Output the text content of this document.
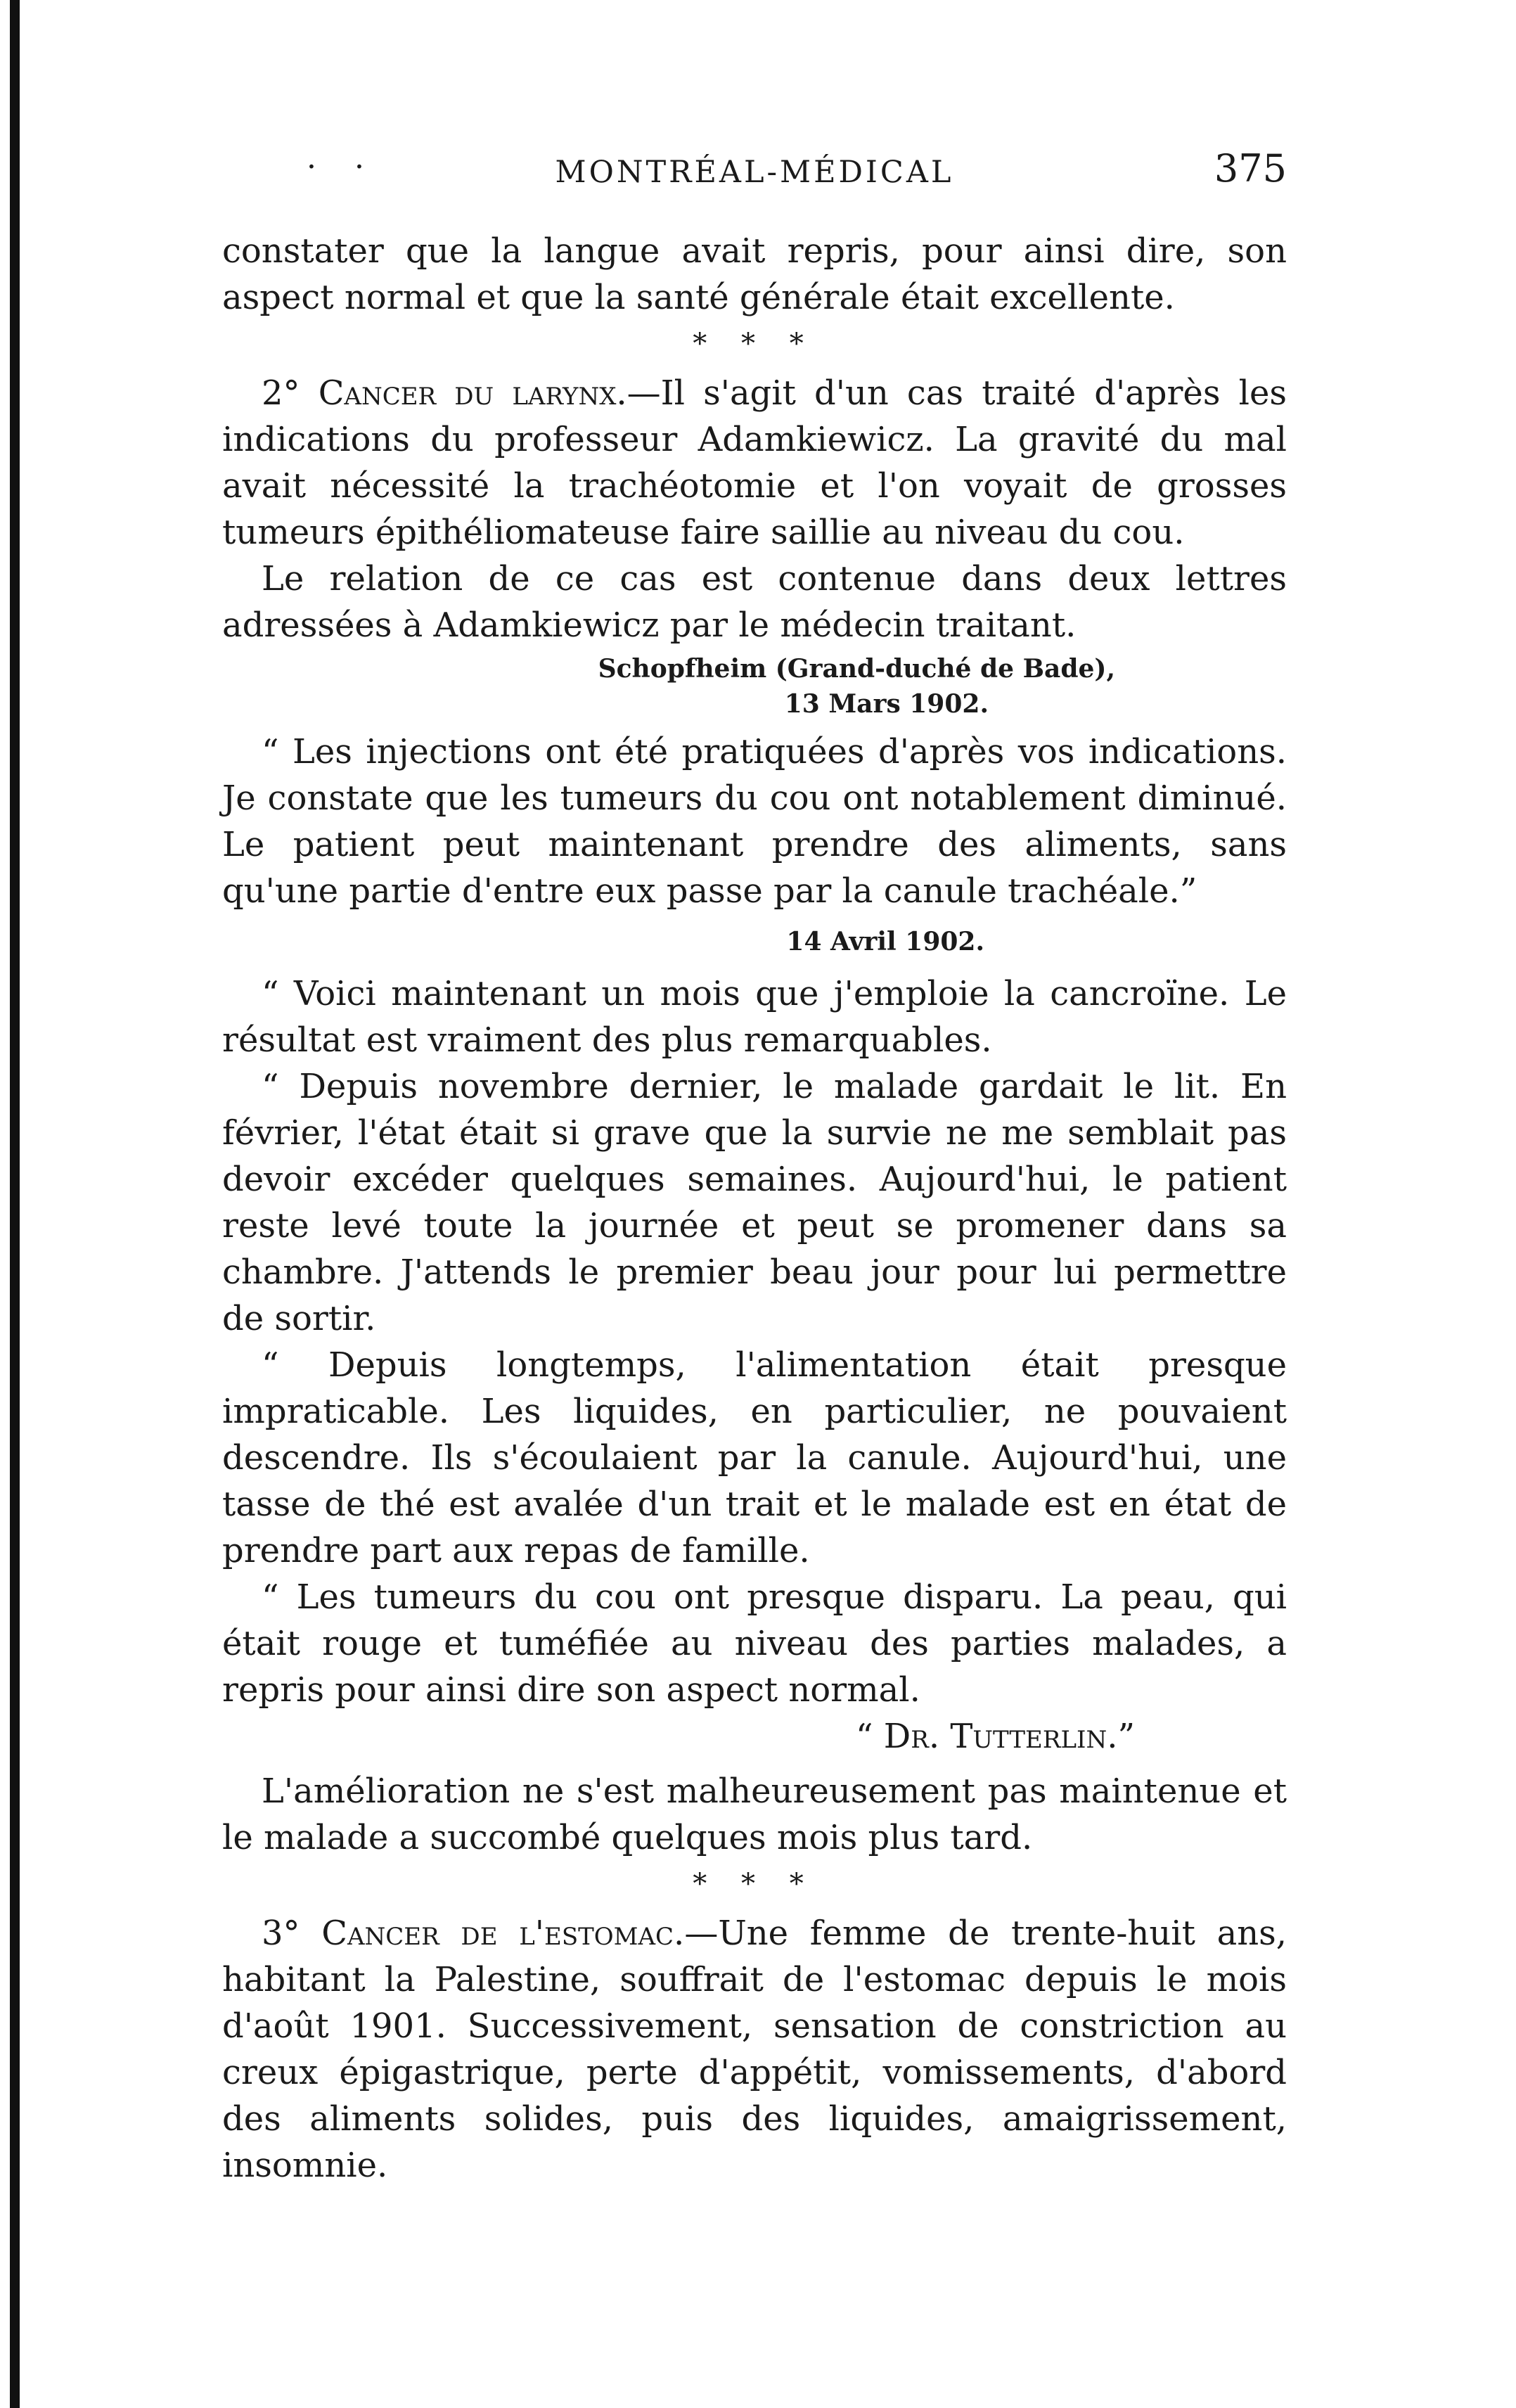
· ·	MONTRÉAL-MÉDICAL	375

constater que la langue avait repris, pour ainsi dire, son aspect normal et que la santé générale était excellente.

* * *

2° Cancer du larynx.—Il s'agit d'un cas traité d'après les indications du professeur Adamkiewicz. La gravité du mal avait nécessité la trachéotomie et l'on voyait de grosses tumeurs épithéliomateuse faire saillie au niveau du cou.

Le relation de ce cas est contenue dans deux lettres adressées à Adamkiewicz par le médecin traitant.

Schopfheim (Grand-duché de Bade),
13 Mars 1902.

“ Les injections ont été pratiquées d'après vos indications. Je constate que les tumeurs du cou ont notablement diminué. Le patient peut maintenant prendre des aliments, sans qu'une partie d'entre eux passe par la canule trachéale.”

14 Avril 1902.

“ Voici maintenant un mois que j'emploie la cancroïne. Le résultat est vraiment des plus remarquables.

“ Depuis novembre dernier, le malade gardait le lit. En février, l'état était si grave que la survie ne me semblait pas devoir excéder quelques semaines. Aujourd'hui, le patient reste levé toute la journée et peut se promener dans sa chambre. J'attends le premier beau jour pour lui permettre de sortir.

“ Depuis longtemps, l'alimentation était presque impraticable. Les liquides, en particulier, ne pouvaient descendre. Ils s'écoulaient par la canule. Aujourd'hui, une tasse de thé est avalée d'un trait et le malade est en état de prendre part aux repas de famille.

“ Les tumeurs du cou ont presque disparu. La peau, qui était rouge et tuméfiée au niveau des parties malades, a repris pour ainsi dire son aspect normal.

“ Dr. Tutterlin.”

L'amélioration ne s'est malheureusement pas maintenue et le malade a succombé quelques mois plus tard.

* * *

3° Cancer de l'estomac.—Une femme de trente-huit ans, habitant la Palestine, souffrait de l'estomac depuis le mois d'août 1901. Successivement, sensation de constriction au creux épigastrique, perte d'appétit, vomissements, d'abord des aliments solides, puis des liquides, amaigrissement, insomnie.
